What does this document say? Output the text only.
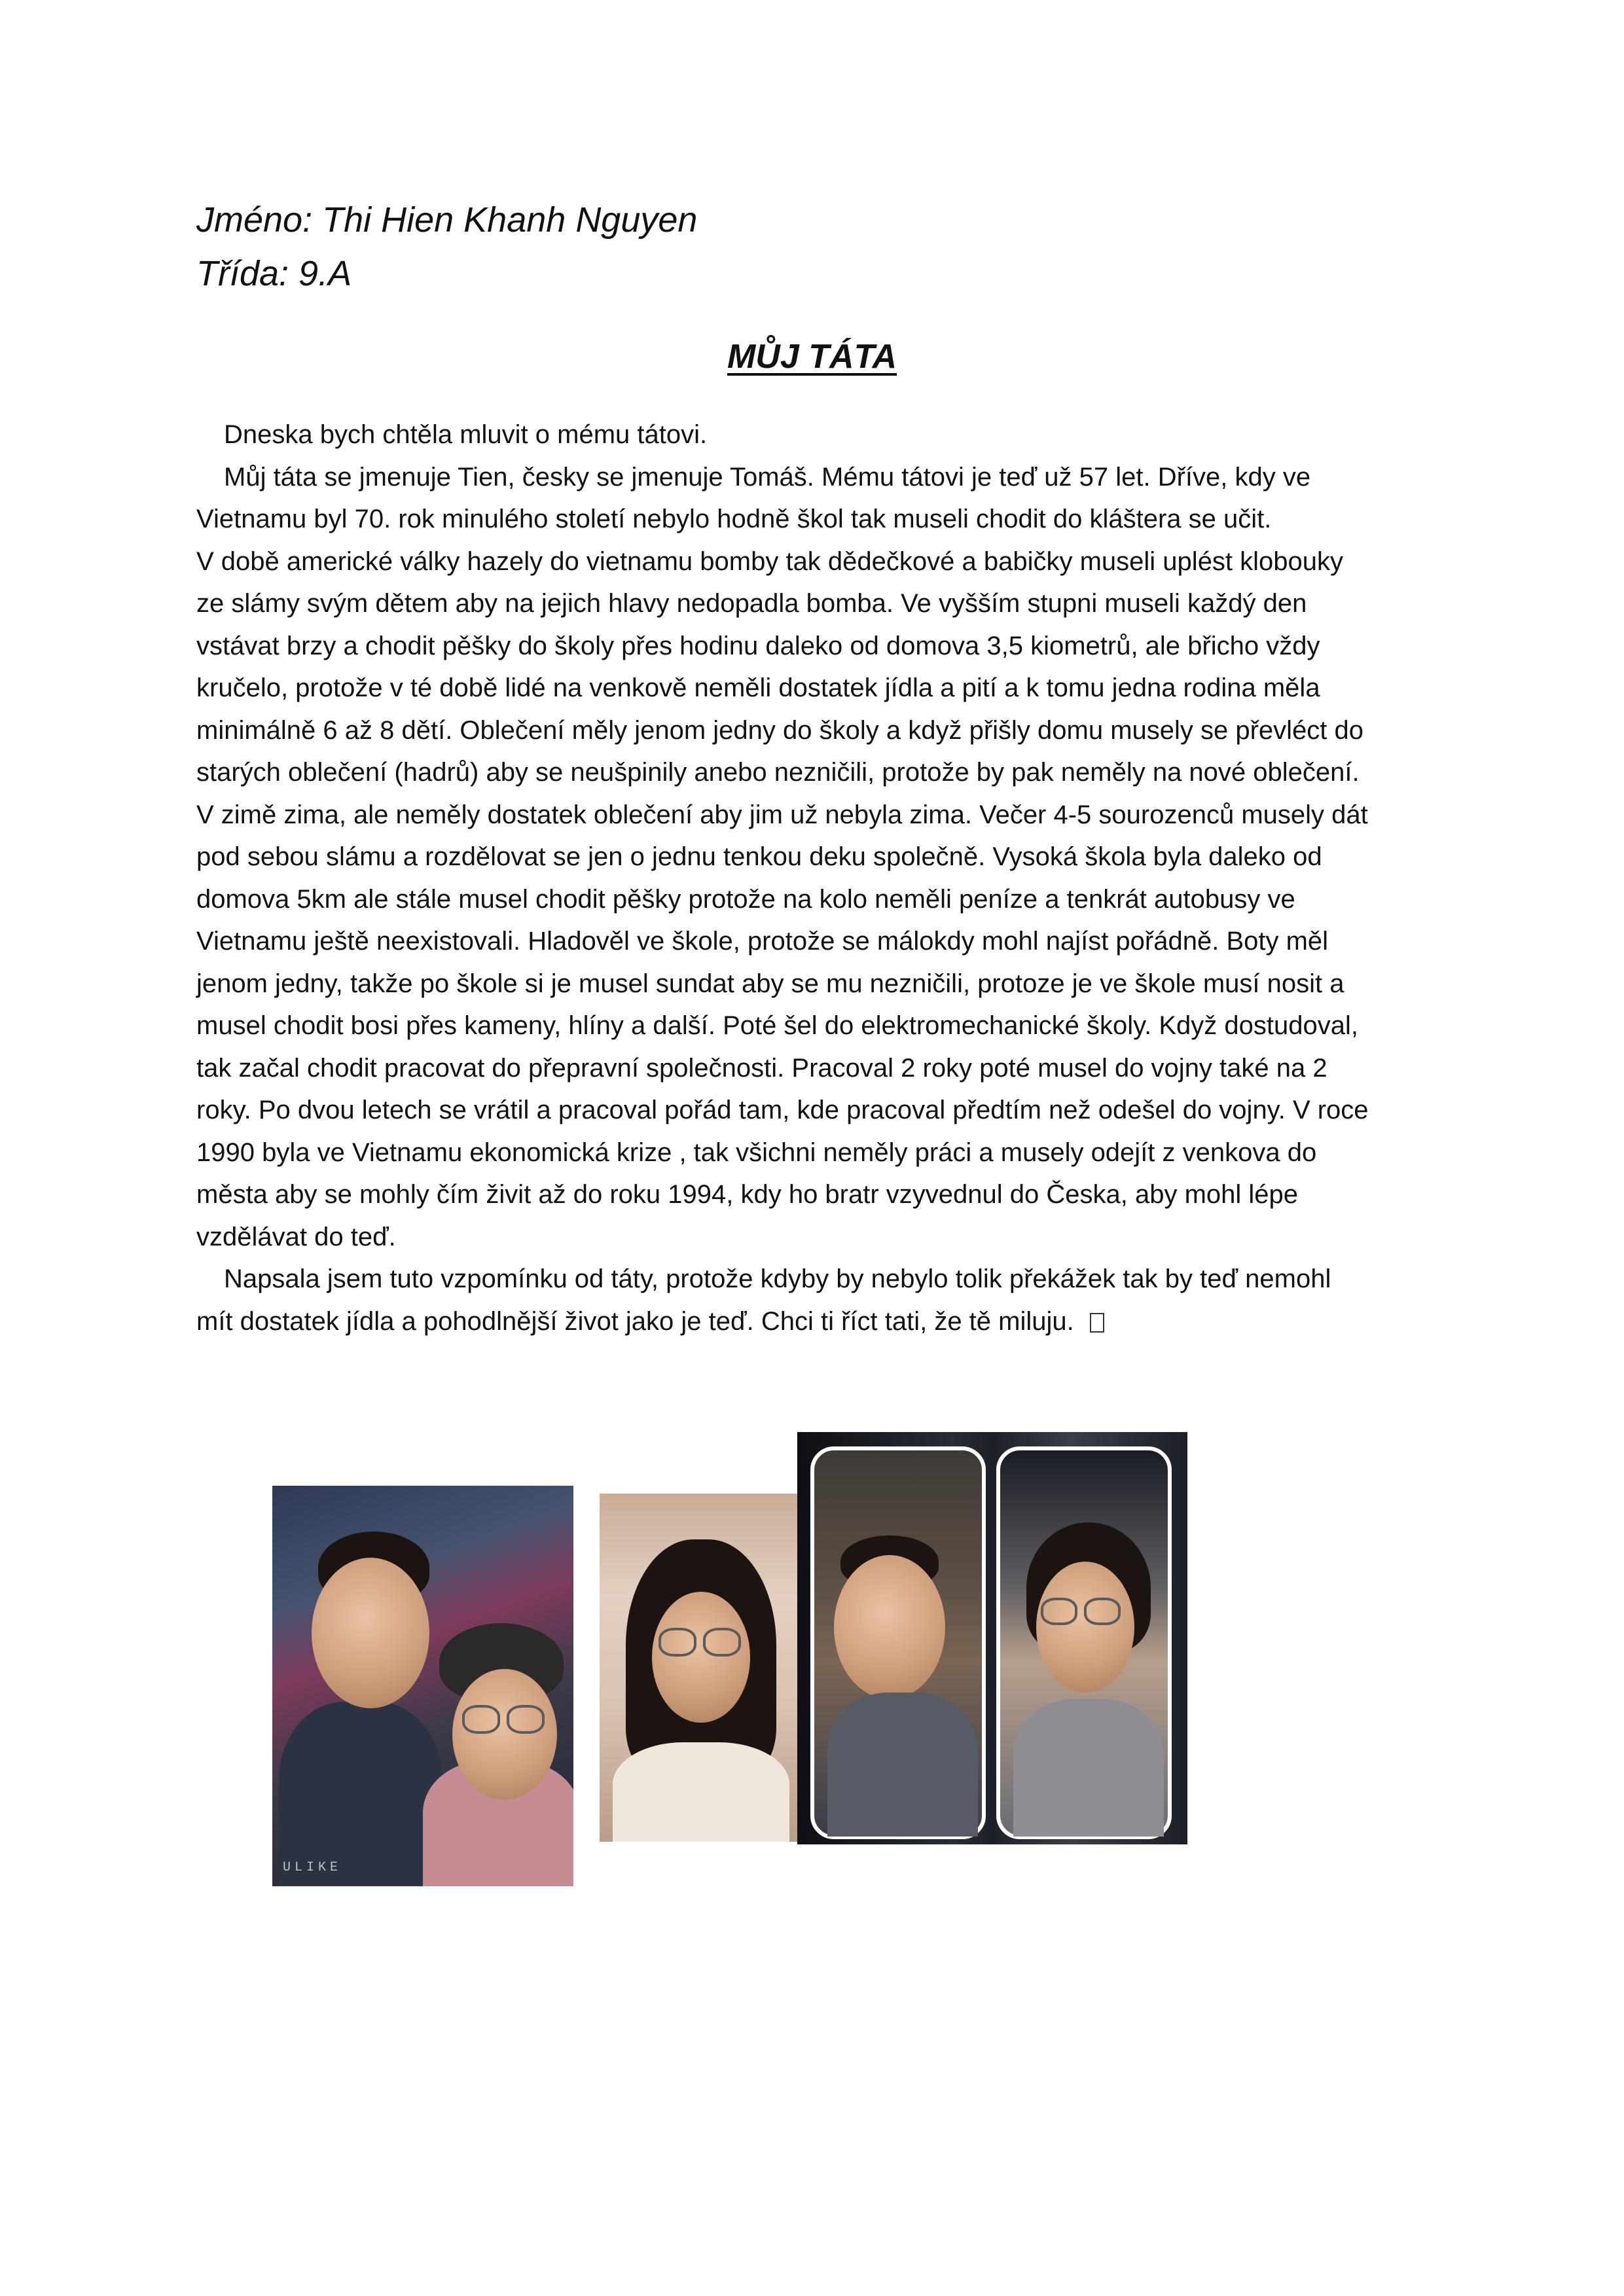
Jméno: Thi Hien Khanh Nguyen
Třída: 9.A
MŮJ TÁTA
Dneska bych chtěla mluvit o mému tátovi.
Můj táta se jmenuje Tien, česky se jmenuje Tomáš. Mému tátovi je teď už 57 let. Dříve, kdy ve
Vietnamu byl 70. rok minulého století nebylo hodně škol tak museli chodit do kláštera se učit.
V době americké války hazely do vietnamu bomby tak dědečkové a babičky museli uplést klobouky
ze slámy svým dětem aby na jejich hlavy nedopadla bomba. Ve vyšším stupni museli každý den
vstávat brzy a chodit pěšky do školy přes hodinu daleko od domova 3,5 kiometrů, ale břicho vždy
kručelo, protože v té době lidé na venkově neměli dostatek jídla a pití a k tomu jedna rodina měla
minimálně 6 až 8 dětí. Oblečení měly jenom jedny do školy a když přišly domu musely se převléct do
starých oblečení (hadrů) aby se neušpinily anebo nezničili, protože by pak neměly na nové oblečení.
V zimě zima, ale neměly dostatek oblečení aby jim už nebyla zima. Večer 4-5 sourozenců musely dát
pod sebou slámu a rozdělovat se jen o jednu tenkou deku společně. Vysoká škola byla daleko od
domova 5km ale stále musel chodit pěšky protože na kolo neměli peníze a tenkrát autobusy ve
Vietnamu ještě neexistovali. Hladověl ve škole, protože se málokdy mohl najíst pořádně. Boty měl
jenom jedny, takže po škole si je musel sundat aby se mu nezničili, protoze je ve škole musí nosit a
musel chodit bosi přes kameny, hlíny a další. Poté šel do elektromechanické školy. Když dostudoval,
tak začal chodit pracovat do přepravní společnosti. Pracoval 2 roky poté musel do vojny také na 2
roky. Po dvou letech se vrátil a pracoval pořád tam, kde pracoval předtím než odešel do vojny. V roce
1990 byla ve Vietnamu ekonomická krize , tak všichni neměly práci a musely odejít z venkova do
města aby se mohly čím živit až do roku 1994, kdy ho bratr vzyvednul do Česka, aby mohl lépe
vzdělávat do teď.
Napsala jsem tuto vzpomínku od táty, protože kdyby by nebylo tolik překážek tak by teď nemohl
mít dostatek jídla a pohodlnější život jako je teď. Chci ti říct tati, že tě miluju.
ULIKE
